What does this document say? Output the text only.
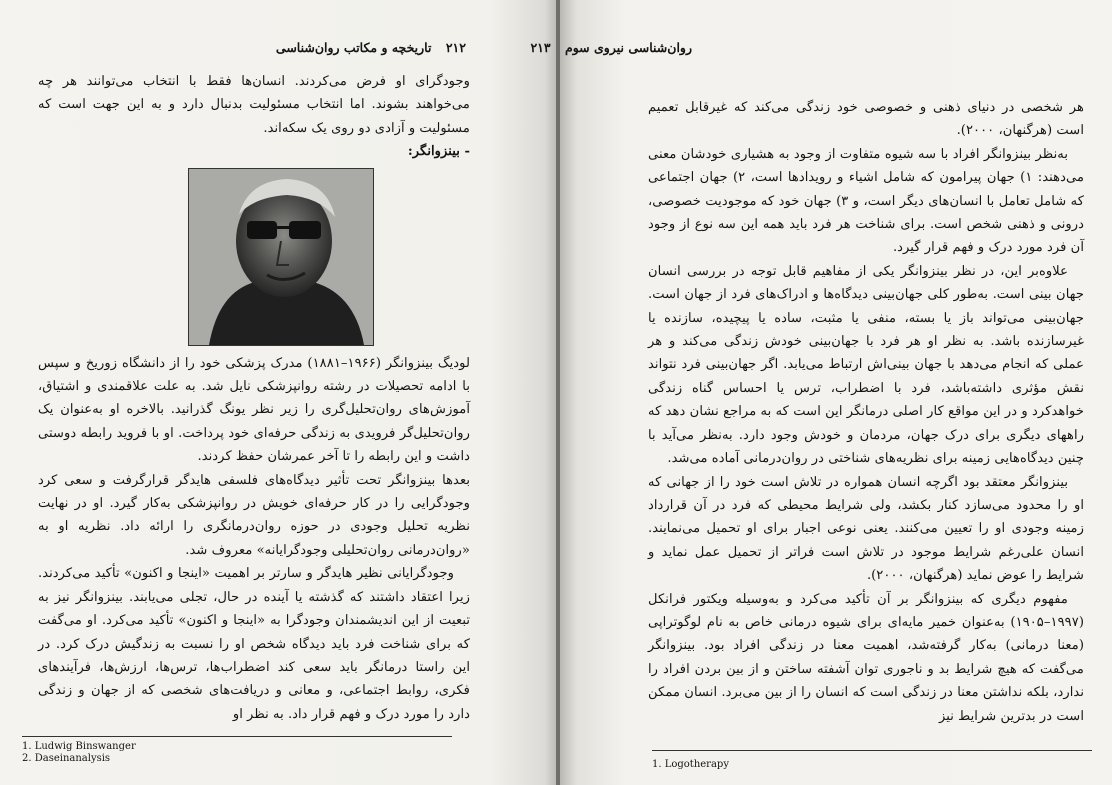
۲۱۲ تاریخچه و مکاتب روان‌شناسی

وجودگرای او فرض می‌کردند. انسان‌ها فقط با انتخاب می‌توانند هر چه می‌خواهند بشوند. اما انتخاب مسئولیت بدنبال دارد و به این جهت است که مسئولیت و آزادی دو روی یک سکه‌اند.

- بینزوانگر:

لودیگ بینزوانگر (۱۹۶۶–۱۸۸۱) مدرک پزشکی خود را از دانشگاه زوریخ و سپس با ادامه تحصیلات در رشته روانپزشکی نایل شد. به علت علاقمندی و اشتیاق، آموزش‌های روان‌تحلیل‌گری را زیر نظر یونگ گذرانید. بالاخره او به‌عنوان یک روان‌تحلیل‌گر فرویدی به زندگی حرفه‌ای خود پرداخت. او با فروید رابطه دوستی داشت و این رابطه را تا آخر عمرشان حفظ کردند.

بعدها بینزوانگر تحت تأثیر دیدگاه‌های فلسفی هایدگر قرارگرفت و سعی کرد وجودگرایی را در کار حرفه‌ای خویش در روانپزشکی به‌کار گیرد. او در نهایت نظریه تحلیل وجودی در حوزه روان‌درمانگری را ارائه داد. نظریه او به «روان‌درمانی روان‌تحلیلی وجودگرایانه» معروف شد.

وجودگرایانی نظیر هایدگر و سارتر بر اهمیت «اینجا و اکنون» تأکید می‌کردند. زیرا اعتقاد داشتند که گذشته یا آینده در حال، تجلی می‌یابند. بینزوانگر نیز به تبعیت از این اندیشمندان وجودگرا به «اینجا و اکنون» تأکید می‌کرد. او می‌گفت که برای شناخت فرد باید دیدگاه شخص او را نسبت به زندگیش درک کرد. در این راستا درمانگر باید سعی کند اضطراب‌ها، ترس‌ها، ارزش‌ها، فرآیندهای فکری، روابط اجتماعی، و معانی و دریافت‌های شخصی که از جهان و زندگی دارد را مورد درک و فهم قرار داد. به نظر او

1. Ludwig Binswanger
2. Daseinanalysis
روان‌شناسی نیروی سوم ۲۱۳

هر شخصی در دنیای ذهنی و خصوصی خود زندگی می‌کند که غیرقابل تعمیم است (هرگنهان، ۲۰۰۰).

به‌نظر بینزوانگر افراد با سه شیوه متفاوت از وجود به هشیاری خودشان معنی می‌دهند: ۱) جهان پیرامون که شامل اشیاء و رویدادها است، ۲) جهان اجتماعی که شامل تعامل با انسان‌های دیگر است، و ۳) جهان خود که موجودیت خصوصی، درونی و ذهنی شخص است. برای شناخت هر فرد باید همه این سه نوع از وجود آن فرد مورد درک و فهم قرار گیرد.

علاوه‌بر این، در نظر بینزوانگر یکی از مفاهیم قابل توجه در بررسی انسان جهان بینی است. به‌طور کلی جهان‌بینی دیدگاه‌ها و ادراک‌های فرد از جهان است. جهان‌بینی می‌تواند باز یا بسته، منفی یا مثبت، ساده یا پیچیده، سازنده یا غیرسازنده باشد. به نظر او هر فرد با جهان‌بینی خودش زندگی می‌کند و هر عملی که انجام می‌دهد با جهان بینی‌اش ارتباط می‌یابد. اگر جهان‌بینی فرد نتواند نقش مؤثری داشته‌باشد، فرد با اضطراب، ترس یا احساس گناه زندگی خواهدکرد و در این مواقع کار اصلی درمانگر این است که به مراجع نشان دهد که راههای دیگری برای درک جهان، مردمان و خودش وجود دارد. به‌نظر می‌آید با چنین دیدگاه‌هایی زمینه برای نظریه‌های شناختی در روان‌درمانی آماده می‌شد.

بینزوانگر معتقد بود اگرچه انسان همواره در تلاش است خود را از جهانی که او را محدود می‌سازد کنار بکشد، ولی شرایط محیطی که فرد در آن قرارداد زمینه وجودی او را تعیین می‌کنند. یعنی نوعی اجبار برای او تحمیل می‌نمایند. انسان علی‌رغم شرایط موجود در تلاش است فراتر از تحمیل عمل نماید و شرایط را عوض نماید (هرگنهان، ۲۰۰۰).

مفهوم دیگری که بینزوانگر بر آن تأکید می‌کرد و به‌وسیله ویکتور فرانکل (۱۹۹۷–۱۹۰۵) به‌عنوان خمیر مایه‌ای برای شیوه درمانی خاص به نام لوگوتراپی (معنا درمانی) به‌کار گرفته‌شد، اهمیت معنا در زندگی افراد بود. بینزوانگر می‌گفت که هیچ شرایط بد و ناجوری توان آشفته ساختن و از بین بردن افراد را ندارد، بلکه نداشتن معنا در زندگی است که انسان را از بین می‌برد. انسان ممکن است در بدترین شرایط نیز

1. Logotherapy
